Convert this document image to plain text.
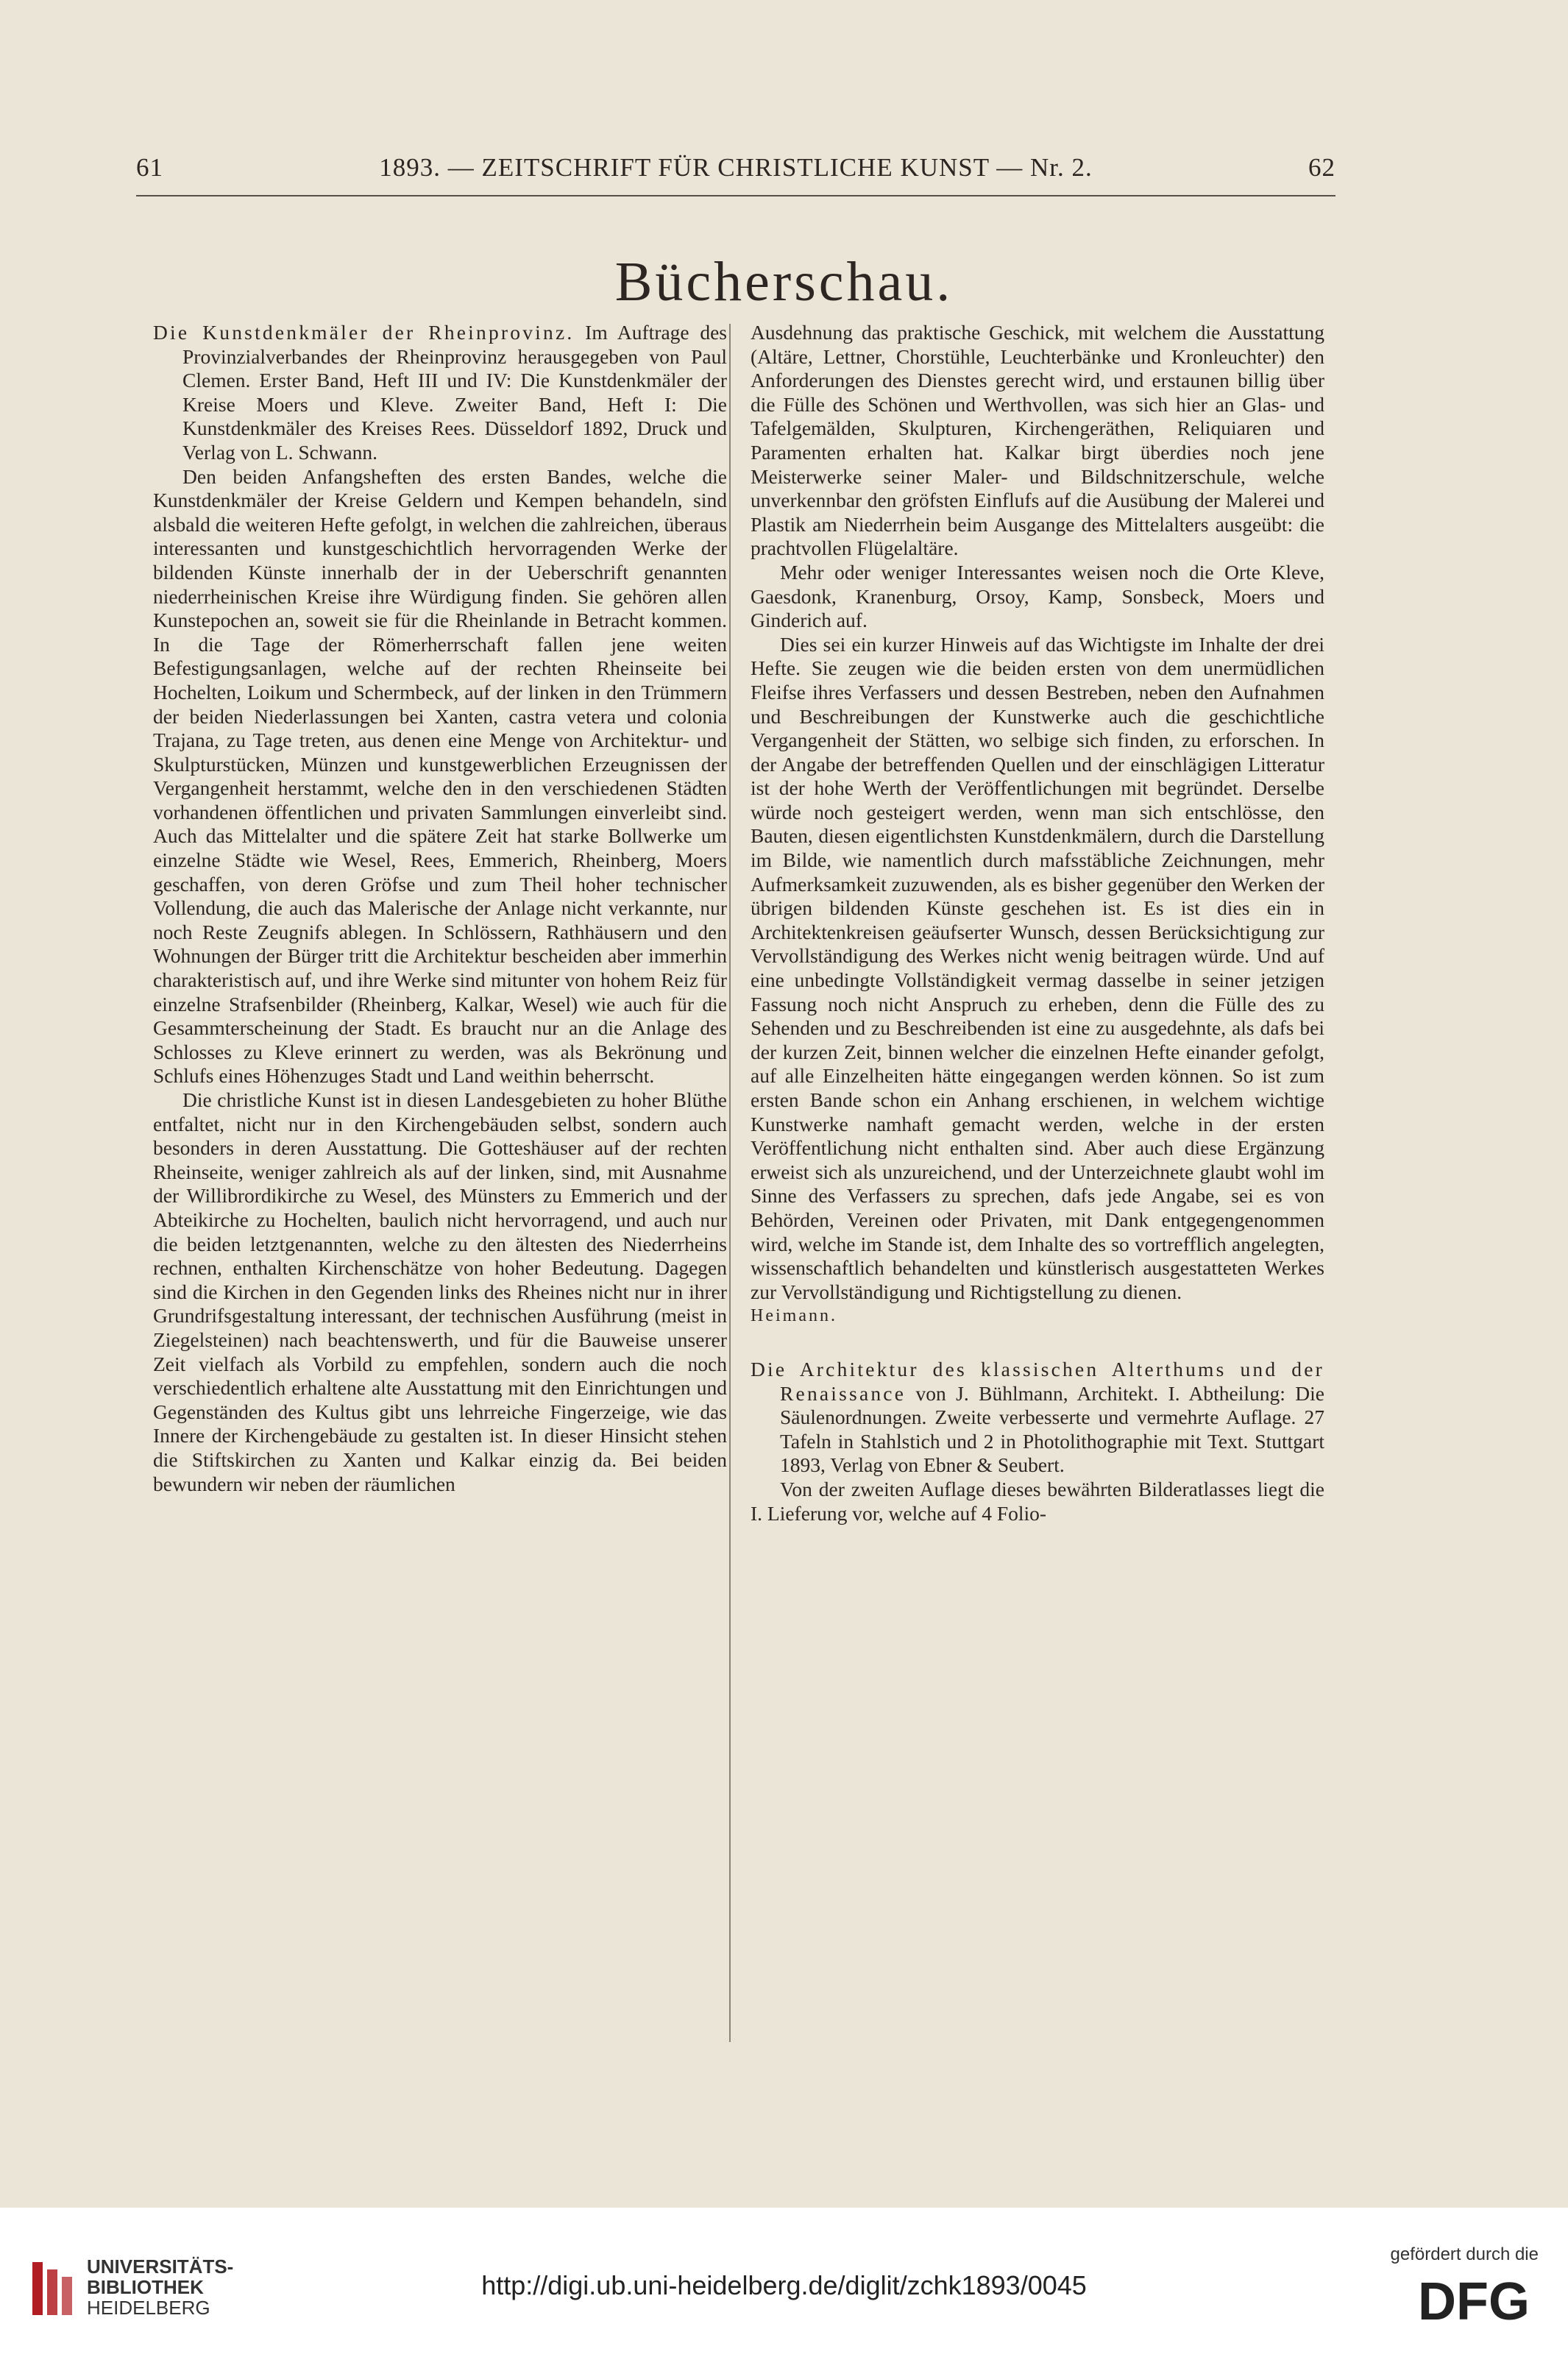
61	1893. — ZEITSCHRIFT FÜR CHRISTLICHE KUNST — Nr. 2.	62
Bücherschau.

Die Kunstdenkmäler der Rheinprovinz. Im Auftrage des Provinzialverbandes der Rheinprovinz herausgegeben von Paul Clemen. Erster Band, Heft III und IV: Die Kunstdenkmäler der Kreise Moers und Kleve. Zweiter Band, Heft I: Die Kunstdenkmäler des Kreises Rees. Düsseldorf 1892, Druck und Verlag von L. Schwann.

Den beiden Anfangsheften des ersten Bandes, welche die Kunstdenkmäler der Kreise Geldern und Kempen behandeln, sind alsbald die weiteren Hefte gefolgt, in welchen die zahlreichen, überaus interessanten und kunstgeschichtlich hervorragenden Werke der bildenden Künste innerhalb der in der Ueberschrift genannten niederrheinischen Kreise ihre Würdigung finden. Sie gehören allen Kunstepochen an, soweit sie für die Rheinlande in Betracht kommen. In die Tage der Römerherrschaft fallen jene weiten Befestigungsanlagen, welche auf der rechten Rheinseite bei Hochelten, Loikum und Schermbeck, auf der linken in den Trümmern der beiden Niederlassungen bei Xanten, castra vetera und colonia Trajana, zu Tage treten, aus denen eine Menge von Architektur- und Skulpturstücken, Münzen und kunstgewerblichen Erzeugnissen der Vergangenheit herstammt, welche den in den verschiedenen Städten vorhandenen öffentlichen und privaten Sammlungen einverleibt sind. Auch das Mittelalter und die spätere Zeit hat starke Bollwerke um einzelne Städte wie Wesel, Rees, Emmerich, Rheinberg, Moers geschaffen, von deren Gröfse und zum Theil hoher technischer Vollendung, die auch das Malerische der Anlage nicht verkannte, nur noch Reste Zeugnifs ablegen. In Schlössern, Rathhäusern und den Wohnungen der Bürger tritt die Architektur bescheiden aber immerhin charakteristisch auf, und ihre Werke sind mitunter von hohem Reiz für einzelne Strafsenbilder (Rheinberg, Kalkar, Wesel) wie auch für die Gesammterscheinung der Stadt. Es braucht nur an die Anlage des Schlosses zu Kleve erinnert zu werden, was als Bekrönung und Schlufs eines Höhenzuges Stadt und Land weithin beherrscht.

Die christliche Kunst ist in diesen Landesgebieten zu hoher Blüthe entfaltet, nicht nur in den Kirchengebäuden selbst, sondern auch besonders in deren Ausstattung. Die Gotteshäuser auf der rechten Rheinseite, weniger zahlreich als auf der linken, sind, mit Ausnahme der Willibrordikirche zu Wesel, des Münsters zu Emmerich und der Abteikirche zu Hochelten, baulich nicht hervorragend, und auch nur die beiden letztgenannten, welche zu den ältesten des Niederrheins rechnen, enthalten Kirchenschätze von hoher Bedeutung. Dagegen sind die Kirchen in den Gegenden links des Rheines nicht nur in ihrer Grundrifsgestaltung interessant, der technischen Ausführung (meist in Ziegelsteinen) nach beachtenswerth, und für die Bauweise unserer Zeit vielfach als Vorbild zu empfehlen, sondern auch die noch verschiedentlich erhaltene alte Ausstattung mit den Einrichtungen und Gegenständen des Kultus gibt uns lehrreiche Fingerzeige, wie das Innere der Kirchengebäude zu gestalten ist. In dieser Hinsicht stehen die Stiftskirchen zu Xanten und Kalkar einzig da. Bei beiden bewundern wir neben der räumlichen

Ausdehnung das praktische Geschick, mit welchem die Ausstattung (Altäre, Lettner, Chorstühle, Leuchterbänke und Kronleuchter) den Anforderungen des Dienstes gerecht wird, und erstaunen billig über die Fülle des Schönen und Werthvollen, was sich hier an Glas- und Tafelgemälden, Skulpturen, Kirchengeräthen, Reliquiaren und Paramenten erhalten hat. Kalkar birgt überdies noch jene Meisterwerke seiner Maler- und Bildschnitzerschule, welche unverkennbar den gröfsten Einflufs auf die Ausübung der Malerei und Plastik am Niederrhein beim Ausgange des Mittelalters ausgeübt: die prachtvollen Flügelaltäre.

Mehr oder weniger Interessantes weisen noch die Orte Kleve, Gaesdonk, Kranenburg, Orsoy, Kamp, Sonsbeck, Moers und Ginderich auf.

Dies sei ein kurzer Hinweis auf das Wichtigste im Inhalte der drei Hefte. Sie zeugen wie die beiden ersten von dem unermüdlichen Fleifse ihres Verfassers und dessen Bestreben, neben den Aufnahmen und Beschreibungen der Kunstwerke auch die geschichtliche Vergangenheit der Stätten, wo selbige sich finden, zu erforschen. In der Angabe der betreffenden Quellen und der einschlägigen Litteratur ist der hohe Werth der Veröffentlichungen mit begründet. Derselbe würde noch gesteigert werden, wenn man sich entschlösse, den Bauten, diesen eigentlichsten Kunstdenkmälern, durch die Darstellung im Bilde, wie namentlich durch mafsstäbliche Zeichnungen, mehr Aufmerksamkeit zuzuwenden, als es bisher gegenüber den Werken der übrigen bildenden Künste geschehen ist. Es ist dies ein in Architektenkreisen geäufserter Wunsch, dessen Berücksichtigung zur Vervollständigung des Werkes nicht wenig beitragen würde. Und auf eine unbedingte Vollständigkeit vermag dasselbe in seiner jetzigen Fassung noch nicht Anspruch zu erheben, denn die Fülle des zu Sehenden und zu Beschreibenden ist eine zu ausgedehnte, als dafs bei der kurzen Zeit, binnen welcher die einzelnen Hefte einander gefolgt, auf alle Einzelheiten hätte eingegangen werden können. So ist zum ersten Bande schon ein Anhang erschienen, in welchem wichtige Kunstwerke namhaft gemacht werden, welche in der ersten Veröffentlichung nicht enthalten sind. Aber auch diese Ergänzung erweist sich als unzureichend, und der Unterzeichnete glaubt wohl im Sinne des Verfassers zu sprechen, dafs jede Angabe, sei es von Behörden, Vereinen oder Privaten, mit Dank entgegengenommen wird, welche im Stande ist, dem Inhalte des so vortrefflich angelegten, wissenschaftlich behandelten und künstlerisch ausgestatteten Werkes zur Vervollständigung und Richtigstellung zu dienen.

Heimann.

Die Architektur des klassischen Alterthums und der Renaissance von J. Bühlmann, Architekt. I. Abtheilung: Die Säulenordnungen. Zweite verbesserte und vermehrte Auflage. 27 Tafeln in Stahlstich und 2 in Photolithographie mit Text. Stuttgart 1893, Verlag von Ebner & Seubert.

Von der zweiten Auflage dieses bewährten Bilderatlasses liegt die I. Lieferung vor, welche auf 4 Folio-

UNIVERSITÄTS-
BIBLIOTHEK
HEIDELBERG
http://digi.ub.uni-heidelberg.de/diglit/zchk1893/0045
gefördert durch die
DFG
